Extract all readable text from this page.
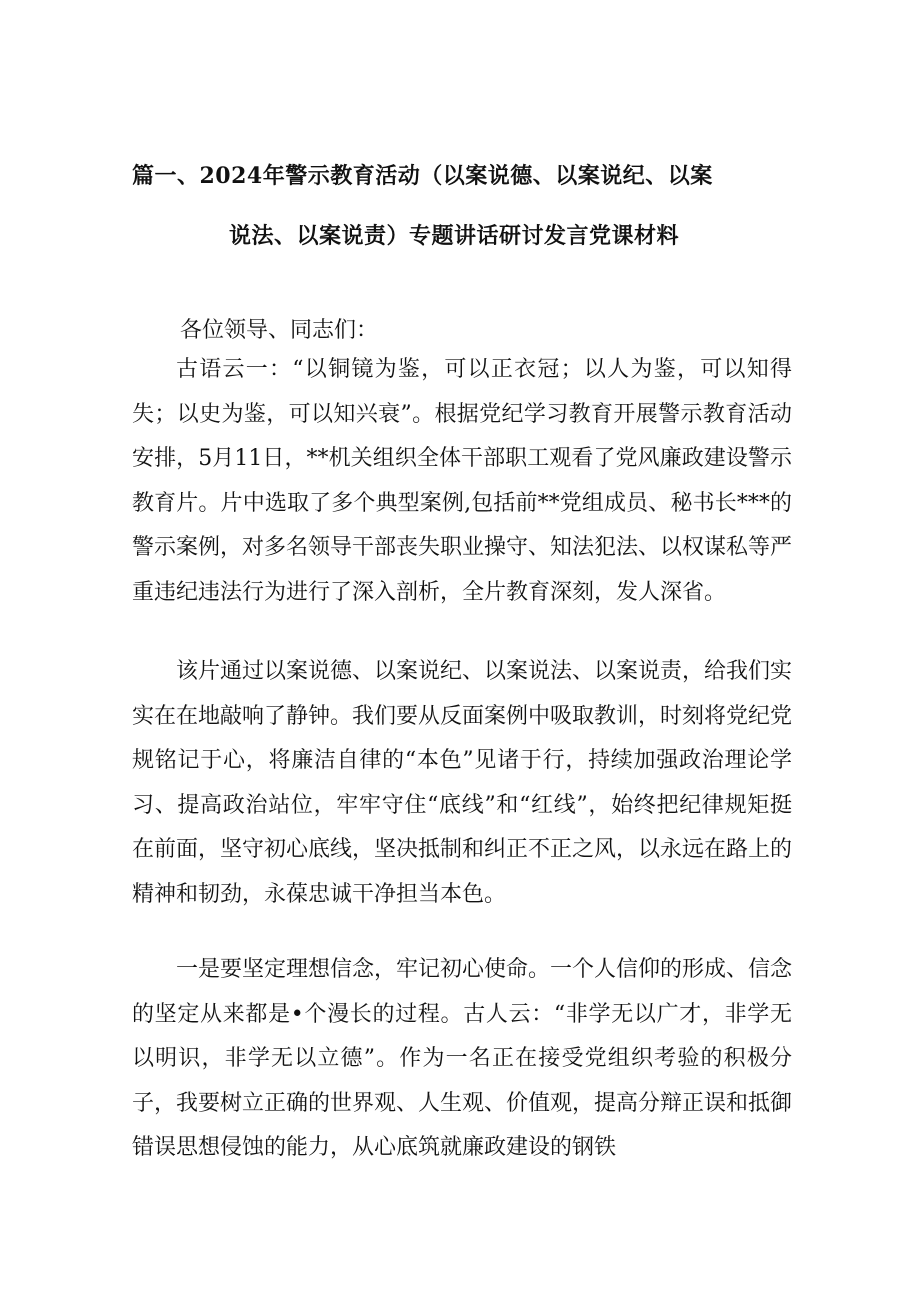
篇一、2024年警示教育活动（以案说德、以案说纪、以案
说法、以案说责）专题讲话研讨发言党课材料

各位领导、同志们：

古语云一：“以铜镜为鉴，可以正衣冠；以人为鉴，可以知得失；以史为鉴，可以知兴衰”。根据党纪学习教育开展警示教育活动安排，5月11日，**机关组织全体干部职工观看了党风廉政建设警示教育片。片中选取了多个典型案例,包括前**党组成员、秘书长***的警示案例，对多名领导干部丧失职业操守、知法犯法、以权谋私等严重违纪违法行为进行了深入剖析，全片教育深刻，发人深省。

该片通过以案说德、以案说纪、以案说法、以案说责，给我们实实在在地敲响了静钟。我们要从反面案例中吸取教训，时刻将党纪党规铭记于心，将廉洁自律的“本色”见诸于行，持续加强政治理论学习、提高政治站位，牢牢守住“底线”和“红线”，始终把纪律规矩挺在前面，坚守初心底线，坚决抵制和纠正不正之风，以永远在路上的精神和韧劲，永葆忠诚干净担当本色。

一是要坚定理想信念，牢记初心使命。一个人信仰的形成、信念的坚定从来都是•个漫长的过程。古人云：“非学无以广才，非学无以明识，非学无以立德”。作为一名正在接受党组织考验的积极分子，我要树立正确的世界观、人生观、价值观，提高分辩正误和抵御错误思想侵蚀的能力，从心底筑就廉政建设的钢铁
